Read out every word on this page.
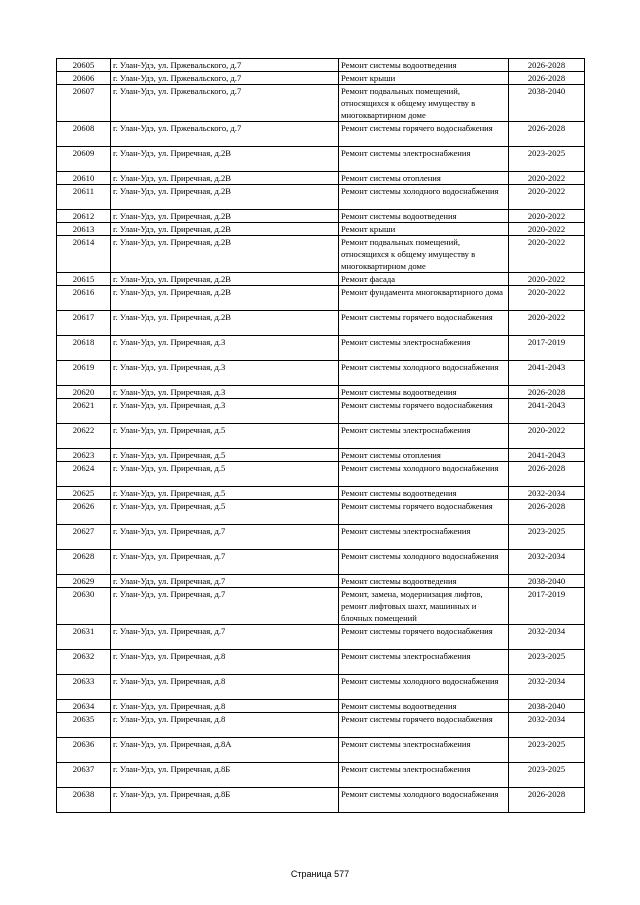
20605	г. Улан-Удэ, ул. Пржевальского, д.7	Ремонт системы водоотведения	2026-2028
20606	г. Улан-Удэ, ул. Пржевальского, д.7	Ремонт крыши	2026-2028
20607	г. Улан-Удэ, ул. Пржевальского, д.7	Ремонт подвальных помещений, относящихся к общему имуществу в многоквартирном доме	2038-2040
20608	г. Улан-Удэ, ул. Пржевальского, д.7	Ремонт системы горячего водоснабжения	2026-2028
20609	г. Улан-Удэ, ул. Приречная, д.2В	Ремонт системы электроснабжения	2023-2025
20610	г. Улан-Удэ, ул. Приречная, д.2В	Ремонт системы отопления	2020-2022
20611	г. Улан-Удэ, ул. Приречная, д.2В	Ремонт системы холодного водоснабжения	2020-2022
20612	г. Улан-Удэ, ул. Приречная, д.2В	Ремонт системы водоотведения	2020-2022
20613	г. Улан-Удэ, ул. Приречная, д.2В	Ремонт крыши	2020-2022
20614	г. Улан-Удэ, ул. Приречная, д.2В	Ремонт подвальных помещений, относящихся к общему имуществу в многоквартирном доме	2020-2022
20615	г. Улан-Удэ, ул. Приречная, д.2В	Ремонт фасада	2020-2022
20616	г. Улан-Удэ, ул. Приречная, д.2В	Ремонт фундамента многоквартирного дома	2020-2022
20617	г. Улан-Удэ, ул. Приречная, д.2В	Ремонт системы горячего водоснабжения	2020-2022
20618	г. Улан-Удэ, ул. Приречная, д.3	Ремонт системы электроснабжения	2017-2019
20619	г. Улан-Удэ, ул. Приречная, д.3	Ремонт системы холодного водоснабжения	2041-2043
20620	г. Улан-Удэ, ул. Приречная, д.3	Ремонт системы водоотведения	2026-2028
20621	г. Улан-Удэ, ул. Приречная, д.3	Ремонт системы горячего водоснабжения	2041-2043
20622	г. Улан-Удэ, ул. Приречная, д.5	Ремонт системы электроснабжения	2020-2022
20623	г. Улан-Удэ, ул. Приречная, д.5	Ремонт системы отопления	2041-2043
20624	г. Улан-Удэ, ул. Приречная, д.5	Ремонт системы холодного водоснабжения	2026-2028
20625	г. Улан-Удэ, ул. Приречная, д.5	Ремонт системы водоотведения	2032-2034
20626	г. Улан-Удэ, ул. Приречная, д.5	Ремонт системы горячего водоснабжения	2026-2028
20627	г. Улан-Удэ, ул. Приречная, д.7	Ремонт системы электроснабжения	2023-2025
20628	г. Улан-Удэ, ул. Приречная, д.7	Ремонт системы холодного водоснабжения	2032-2034
20629	г. Улан-Удэ, ул. Приречная, д.7	Ремонт системы водоотведения	2038-2040
20630	г. Улан-Удэ, ул. Приречная, д.7	Ремонт, замена, модернизация лифтов, ремонт лифтовых шахт, машинных и блочных помещений	2017-2019
20631	г. Улан-Удэ, ул. Приречная, д.7	Ремонт системы горячего водоснабжения	2032-2034
20632	г. Улан-Удэ, ул. Приречная, д.8	Ремонт системы электроснабжения	2023-2025
20633	г. Улан-Удэ, ул. Приречная, д.8	Ремонт системы холодного водоснабжения	2032-2034
20634	г. Улан-Удэ, ул. Приречная, д.8	Ремонт системы водоотведения	2038-2040
20635	г. Улан-Удэ, ул. Приречная, д.8	Ремонт системы горячего водоснабжения	2032-2034
20636	г. Улан-Удэ, ул. Приречная, д.8А	Ремонт системы электроснабжения	2023-2025
20637	г. Улан-Удэ, ул. Приречная, д.8Б	Ремонт системы электроснабжения	2023-2025
20638	г. Улан-Удэ, ул. Приречная, д.8Б	Ремонт системы холодного водоснабжения	2026-2028
Страница 577
